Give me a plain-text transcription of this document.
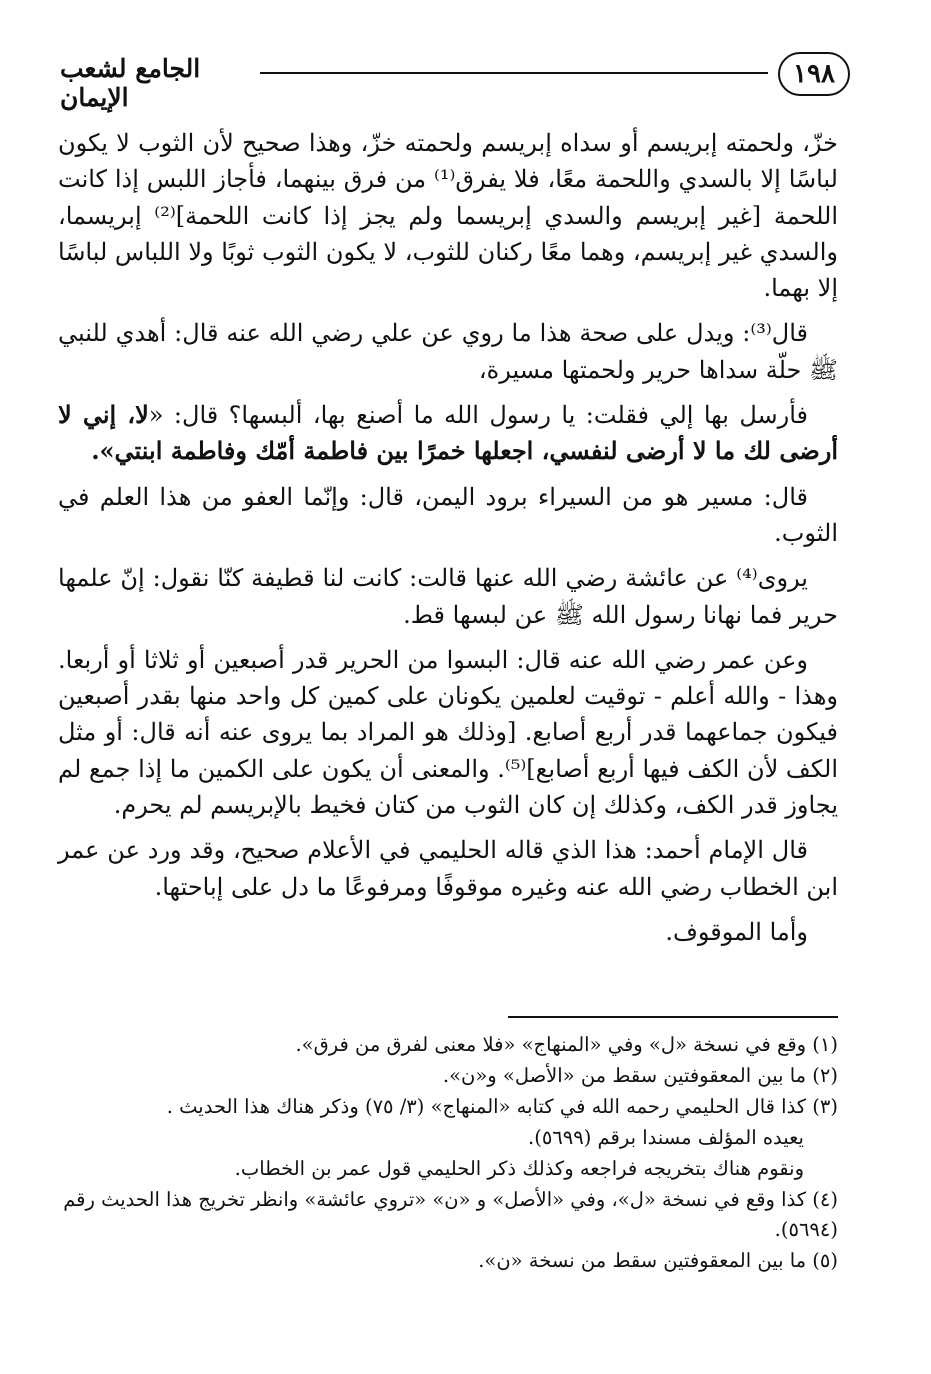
الجامع لشعب الإيمان
١٩٨

خزّ، ولحمته إبريسم أو سداه إبريسم ولحمته خزّ، وهذا صحيح لأن الثوب لا يكون لباسًا إلا بالسدي واللحمة معًا، فلا يفرق⁽¹⁾ من فرق بينهما، فأجاز اللبس إذا كانت اللحمة [غير إبريسم والسدي إبريسما ولم يجز إذا كانت اللحمة]⁽²⁾ إبريسما، والسدي غير إبريسم، وهما معًا ركنان للثوب، لا يكون الثوب ثوبًا ولا اللباس لباسًا إلا بهما.

قال⁽³⁾: ويدل على صحة هذا ما روي عن علي رضي الله عنه قال: أهدي للنبي ﷺ حلّة سداها حرير ولحمتها مسيرة،

فأرسل بها إلي فقلت: يا رسول الله ما أصنع بها، ألبسها؟ قال: «لا، إني لا أرضى لك ما لا أرضى لنفسي، اجعلها خمرًا بين فاطمة أمّك وفاطمة ابنتي».

قال: مسير هو من السيراء برود اليمن، قال: وإنّما العفو من هذا العلم في الثوب.

يروى⁽⁴⁾ عن عائشة رضي الله عنها قالت: كانت لنا قطيفة كنّا نقول: إنّ علمها حرير فما نهانا رسول الله ﷺ عن لبسها قط.

وعن عمر رضي الله عنه قال: البسوا من الحرير قدر أصبعين أو ثلاثا أو أربعا. وهذا - والله أعلم - توقيت لعلمين يكونان على كمين كل واحد منها بقدر أصبعين فيكون جماعهما قدر أربع أصابع. [وذلك هو المراد بما يروى عنه أنه قال: أو مثل الكف لأن الكف فيها أربع أصابع]⁽⁵⁾. والمعنى أن يكون على الكمين ما إذا جمع لم يجاوز قدر الكف، وكذلك إن كان الثوب من كتان فخيط بالإبريسم لم يحرم.

قال الإمام أحمد: هذا الذي قاله الحليمي في الأعلام صحيح، وقد ورد عن عمر ابن الخطاب رضي الله عنه وغيره موقوفًا ومرفوعًا ما دل على إباحتها.

وأما الموقوف.

(١) وقع في نسخة «ل» وفي «المنهاج» «فلا معنى لفرق من فرق».
(٢) ما بين المعقوفتين سقط من «الأصل» و«ن».
(٣) كذا قال الحليمي رحمه الله في كتابه «المنهاج» (٣/ ٧٥) وذكر هناك هذا الحديث .
يعيده المؤلف مسندا برقم (٥٦٩٩).
ونقوم هناك بتخريجه فراجعه وكذلك ذكر الحليمي قول عمر بن الخطاب.
(٤) كذا وقع في نسخة «ل»، وفي «الأصل» و «ن» «تروي عائشة» وانظر تخريج هذا الحديث رقم (٥٦٩٤).
(٥) ما بين المعقوفتين سقط من نسخة «ن».
